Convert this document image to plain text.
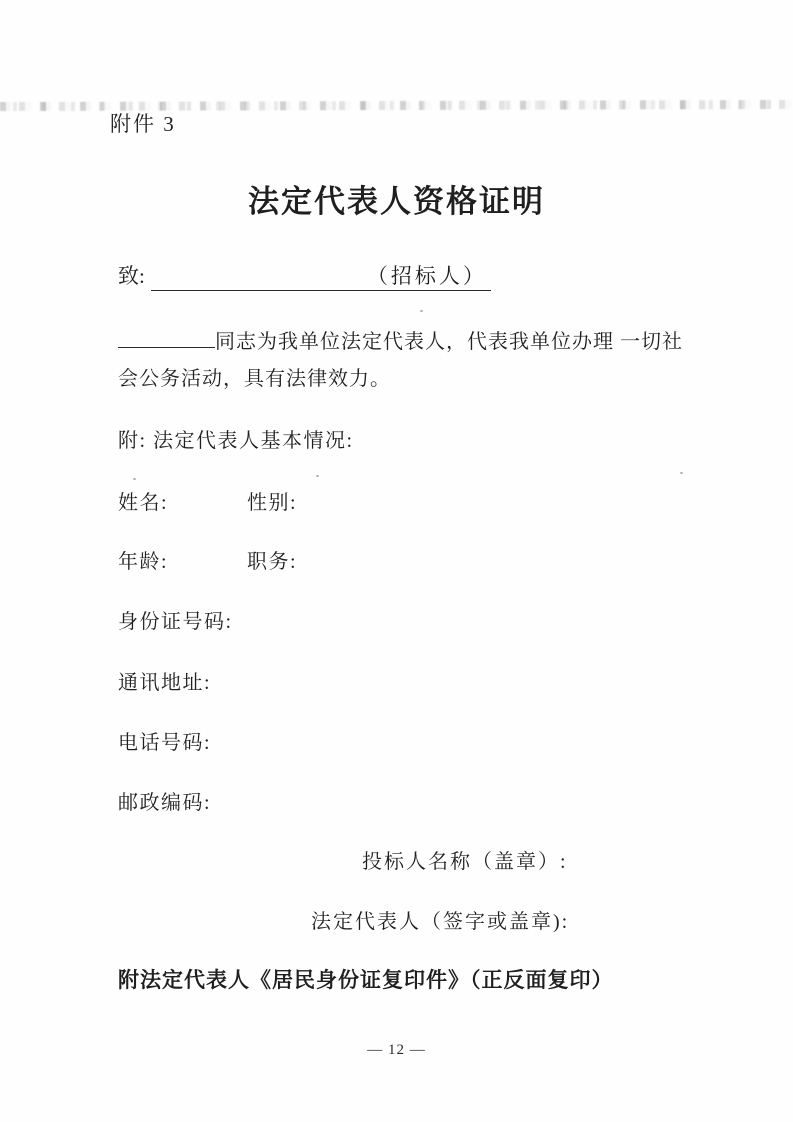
附件 3
法定代表人资格证明
致:	（招标人）
同志为我单位法定代表人，代表我单位办理 一切社会公务活动，具有法律效力。
附: 法定代表人基本情况:
姓名:	性别:
年龄:	职务:
身份证号码:
通讯地址:
电话号码:
邮政编码:
投标人名称（盖章）:
法定代表人（签字或盖章):
附法定代表人《居民身份证复印件》（正反面复印）
— 12 —
